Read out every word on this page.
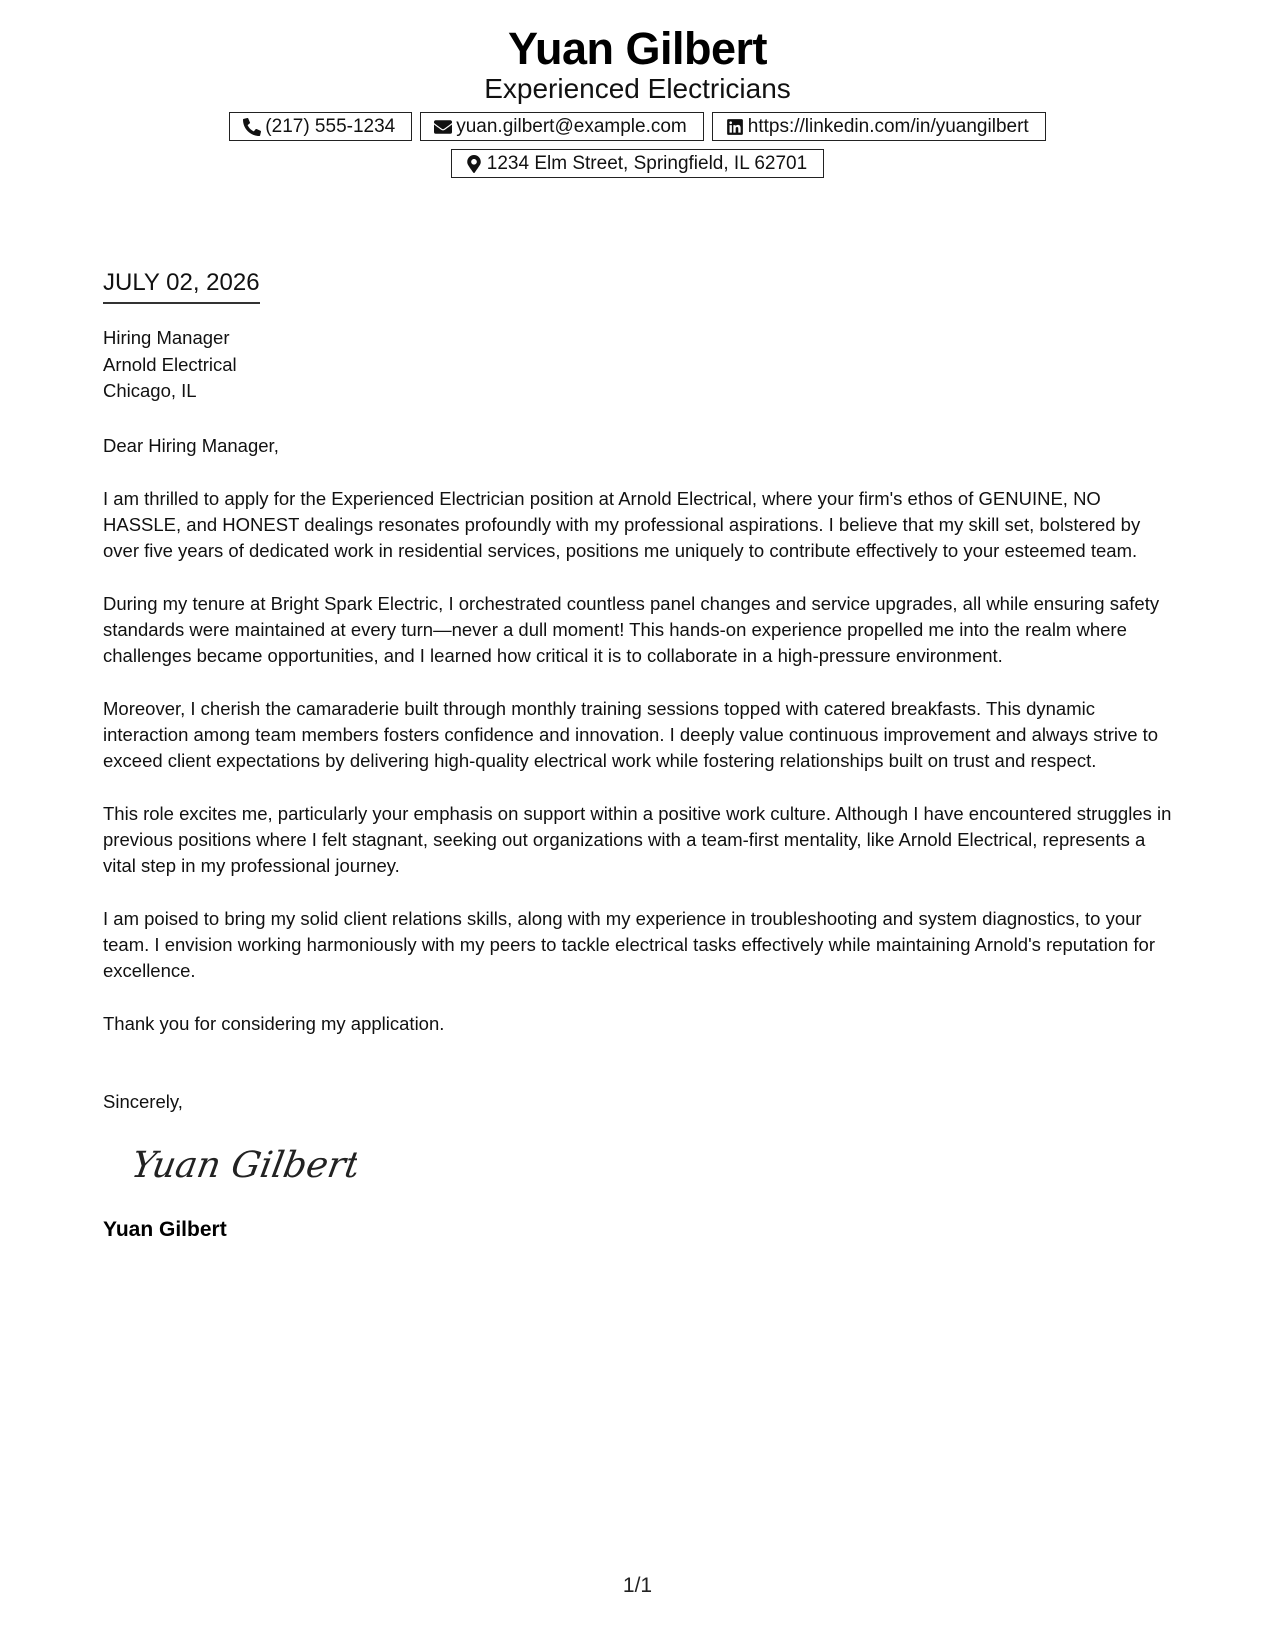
Yuan Gilbert
Experienced Electricians
(217) 555-1234	yuan.gilbert@example.com	https://linkedin.com/in/yuangilbert
1234 Elm Street, Springfield, IL 62701
JULY 02, 2026
Hiring Manager
Arnold Electrical
Chicago, IL
Dear Hiring Manager,
I am thrilled to apply for the Experienced Electrician position at Arnold Electrical, where your firm's ethos of GENUINE, NO HASSLE, and HONEST dealings resonates profoundly with my professional aspirations. I believe that my skill set, bolstered by over five years of dedicated work in residential services, positions me uniquely to contribute effectively to your esteemed team.
During my tenure at Bright Spark Electric, I orchestrated countless panel changes and service upgrades, all while ensuring safety standards were maintained at every turn—never a dull moment! This hands-on experience propelled me into the realm where challenges became opportunities, and I learned how critical it is to collaborate in a high-pressure environment.
Moreover, I cherish the camaraderie built through monthly training sessions topped with catered breakfasts. This dynamic interaction among team members fosters confidence and innovation. I deeply value continuous improvement and always strive to exceed client expectations by delivering high-quality electrical work while fostering relationships built on trust and respect.
This role excites me, particularly your emphasis on support within a positive work culture. Although I have encountered struggles in previous positions where I felt stagnant, seeking out organizations with a team-first mentality, like Arnold Electrical, represents a vital step in my professional journey.
I am poised to bring my solid client relations skills, along with my experience in troubleshooting and system diagnostics, to your team. I envision working harmoniously with my peers to tackle electrical tasks effectively while maintaining Arnold's reputation for excellence.
Thank you for considering my application.
Sincerely,
Yuan Gilbert
Yuan Gilbert
1/1
